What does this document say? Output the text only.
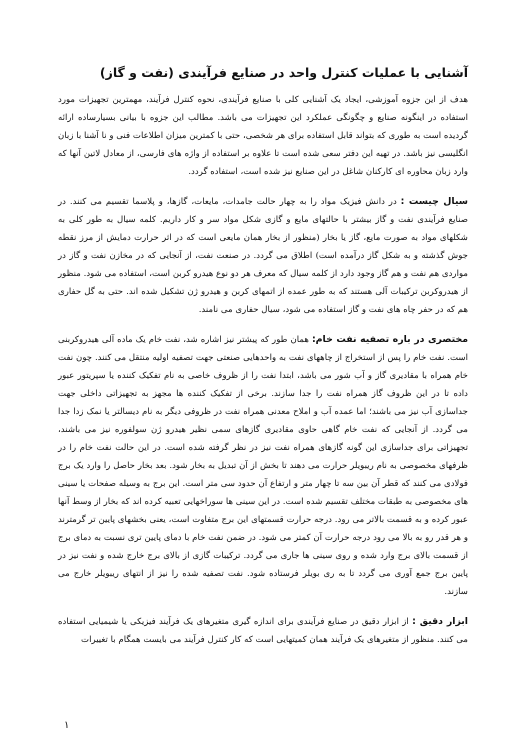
آشنایی با عملیات کنترل واحد در صنایع فرآیندی (نفت و گاز)

هدف از این جزوه آموزشی، ایجاد یک آشنایی کلی با صنایع فرآیندی، نحوه کنترل فرآیند، مهمترین تجهیزات مورد استفاده در اینگونه صنایع و چگونگی عملکرد این تجهیزات می باشد. مطالب این جزوه با بیانی بسیارساده ارائه گردیده است به طوری که بتواند قابل استفاده برای هر شخصی، حتی با کمترین میزان اطلاعات فنی و نا آشنا با زبان انگلیسی نیز باشد. در تهیه این دفتر سعی شده است تا علاوه بر استفاده از واژه های فارسی، از معادل لاتین آنها که وارد زبان محاوره ای کارکنان شاغل در این صنایع نیز شده است، استفاده گردد.

سیال چیست : در دانش فیزیک مواد را به چهار حالت جامدات، مایعات، گازها، و پلاسما تقسیم می کنند. در صنایع فرآیندی نفت و گاز بیشتر با حالتهای مایع و گازی شکل مواد سر و کار داریم. کلمه سیال به طور کلی به شکلهای مواد به صورت مایع، گاز یا بخار (منظور از بخار همان مایعی است که در اثر حرارت دمایش از مرز نقطه جوش گذشته و به شکل گاز درآمده است) اطلاق می گردد. در صنعت نفت، از آنجایی که در مخازن نفت و گاز در مواردی هم نفت و هم گاز وجود دارد از کلمه سیال که معرف هر دو نوع هیدرو کربن است، استفاده می شود. منظور از هیدروکربن ترکیبات آلی هستند که به طور عمده از اتمهای کربن و هیدرو ژن تشکیل شده اند. حتی به گل حفاری هم که در حفر چاه های نفت و گاز استفاده می شود، سیال حفاری می نامند.

مختصری در باره تصفیه نفت خام: همان طور که پیشتر نیز اشاره شد، نفت خام یک ماده آلی هیدروکربنی است. نفت خام را پس از استخراج از چاههای نفت به واحدهایی صنعتی جهت تصفیه اولیه منتقل می کنند. چون نفت خام همراه با مقادیری گاز و آب شور می باشد، ابتدا نفت را از ظروف خاصی به نام تفکیک کننده یا سپریتور عبور داده تا در این ظروف گاز همراه نفت را جدا سازند. برخی از تفکیک کننده ها مجهز به تجهیزاتی داخلی جهت جداسازی آب نیز می باشند؛ اما عمده آب و املاح معدنی همراه نفت در ظروفی دیگر به نام دیسالتر یا نمک زدا جدا می گردد. از آنجایی که نفت خام گاهی حاوی مقادیری گازهای سمی نظیر هیدرو ژن سولفوره نیز می باشند، تجهیزاتی برای جداسازی این گونه گازهای همراه نفت نیز در نظر گرفته شده است. در این حالت نفت خام را در ظرفهای مخصوصی به نام ریبویلر حرارت می دهند تا بخش از آن تبدیل به بخار شود. بعد بخار حاصل را وارد یک برج فولادی می کنند که قطر آن بین سه تا چهار متر و ارتفاع آن حدود سی متر است. این برج به وسیله صفحات یا سینی های مخصوصی به طبقات مختلف تقسیم شده است. در این سینی ها سوراخهایی تعبیه کرده اند که بخار از وسط آنها عبور کرده و به قسمت بالاتر می رود. درجه حرارت قسمتهای این برج متفاوت است، یعنی بخشهای پایین تر گرمترند و هر قدر رو به بالا می رود درجه حرارت آن کمتر می شود. در ضمن نفت خام با دمای پایین تری نسبت به دمای برج از قسمت بالای برج وارد شده و روی سینی ها جاری می گردد. ترکیبات گازی از بالای برج خارج شده و نفت نیز در پایین برج جمع آوری می گردد تا به ری بویلر فرستاده شود. نفت تصفیه شده را نیز از انتهای ریبویلر خارج می سازند.

ابزار دقیق : از ابزار دقیق در صنایع فرآیندی برای اندازه گیری متغیرهای یک فرآیند فیزیکی یا شیمیایی استفاده می کنند. منظور از متغیرهای یک فرآیند همان کمیتهایی است که کار کنترل فرآیند می بایست همگام با تغییرات

١
